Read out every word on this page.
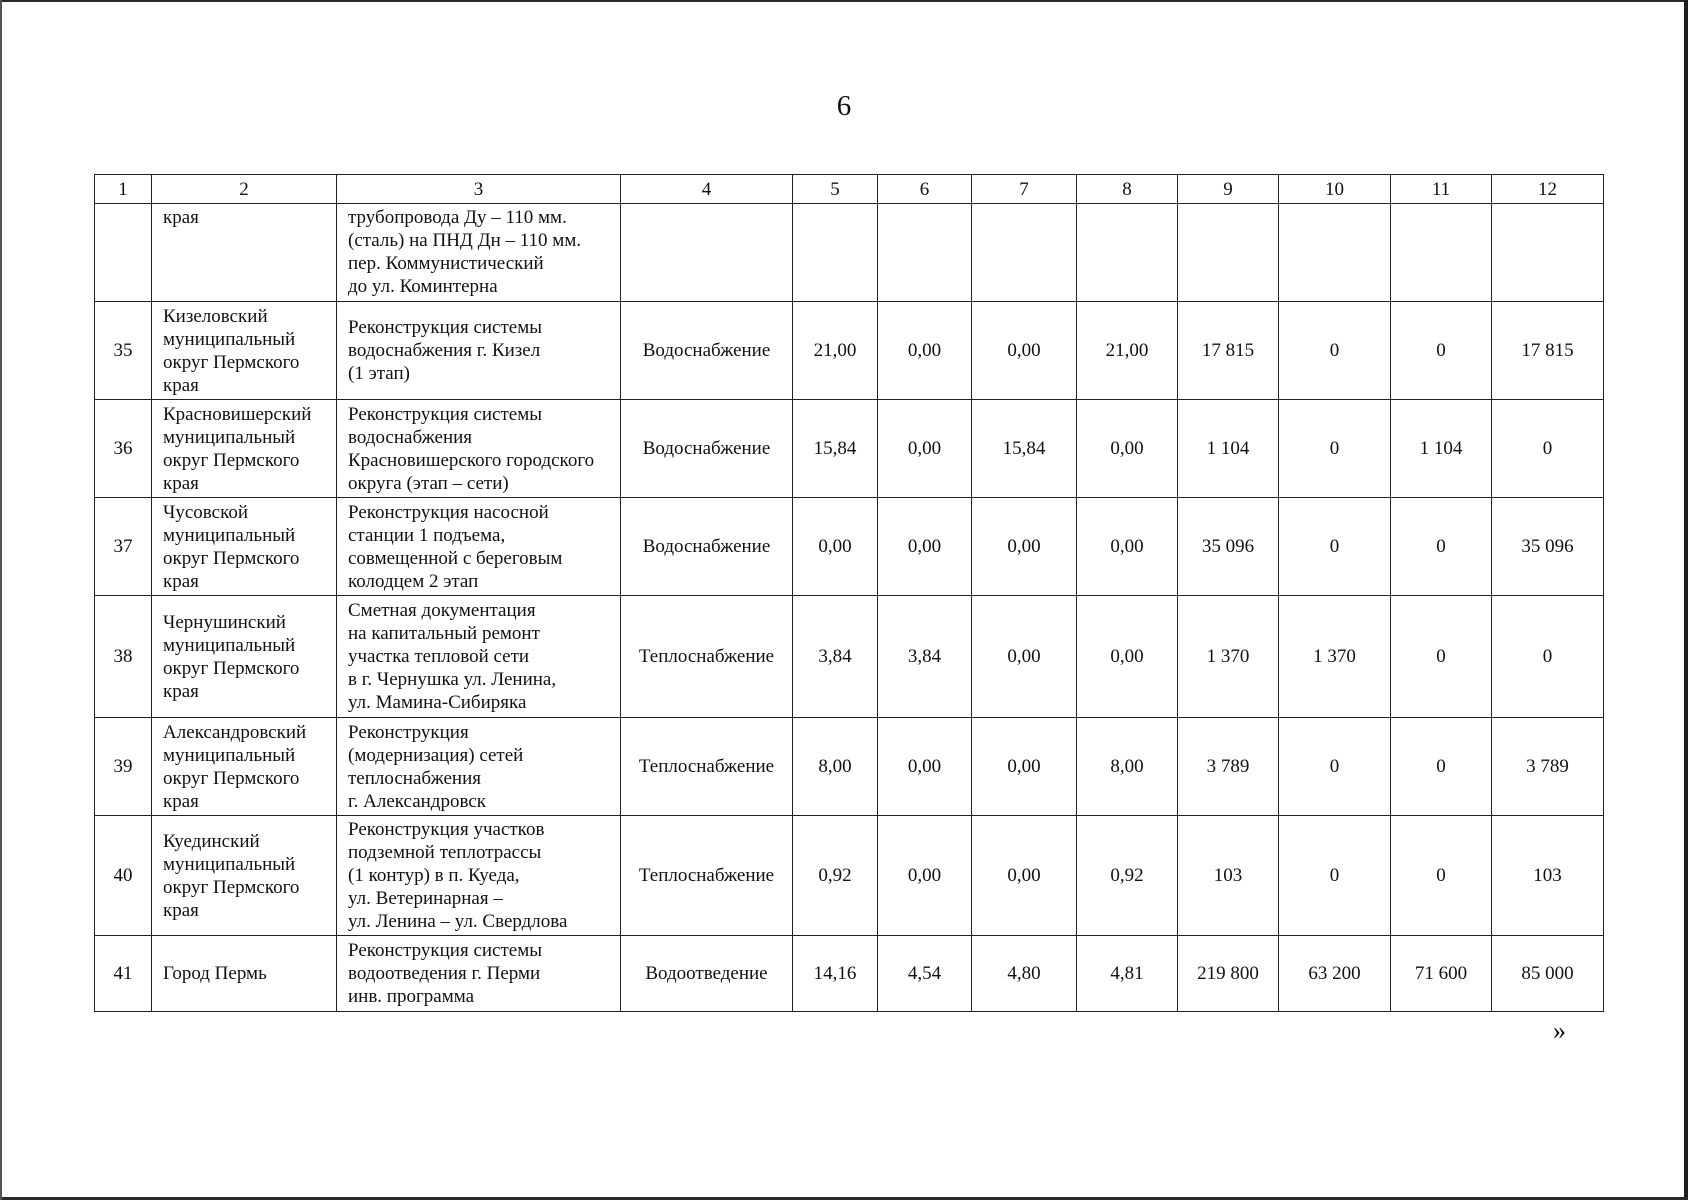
6
1	2	3	4	5	6	7	8	9	10	11	12
	края	трубопровода Ду – 110 мм.
(сталь) на ПНД Дн – 110 мм.
пер. Коммунистический
до ул. Коминтерна									
35	Кизеловский
муниципальный
округ Пермского
края	Реконструкция системы
водоснабжения г. Кизел
(1 этап)	Водоснабжение	21,00	0,00	0,00	21,00	17 815	0	0	17 815
36	Красновишерский
муниципальный
округ Пермского
края	Реконструкция системы
водоснабжения
Красновишерского городского
округа (этап – сети)	Водоснабжение	15,84	0,00	15,84	0,00	1 104	0	1 104	0
37	Чусовской
муниципальный
округ Пермского
края	Реконструкция насосной
станции 1 подъема,
совмещенной с береговым
колодцем 2 этап	Водоснабжение	0,00	0,00	0,00	0,00	35 096	0	0	35 096
38	Чернушинский
муниципальный
округ Пермского
края	Сметная документация
на капитальный ремонт
участка тепловой сети
в г. Чернушка ул. Ленина,
ул. Мамина-Сибиряка	Теплоснабжение	3,84	3,84	0,00	0,00	1 370	1 370	0	0
39	Александровский
муниципальный
округ Пермского
края	Реконструкция
(модернизация) сетей
теплоснабжения
г. Александровск	Теплоснабжение	8,00	0,00	0,00	8,00	3 789	0	0	3 789
40	Куединский
муниципальный
округ Пермского
края	Реконструкция участков
подземной теплотрассы
(1 контур) в п. Куеда,
ул. Ветеринарная –
ул. Ленина – ул. Свердлова	Теплоснабжение	0,92	0,00	0,00	0,92	103	0	0	103
41	Город Пермь	Реконструкция системы
водоотведения г. Перми
инв. программа	Водоотведение	14,16	4,54	4,80	4,81	219 800	63 200	71 600	85 000
»
